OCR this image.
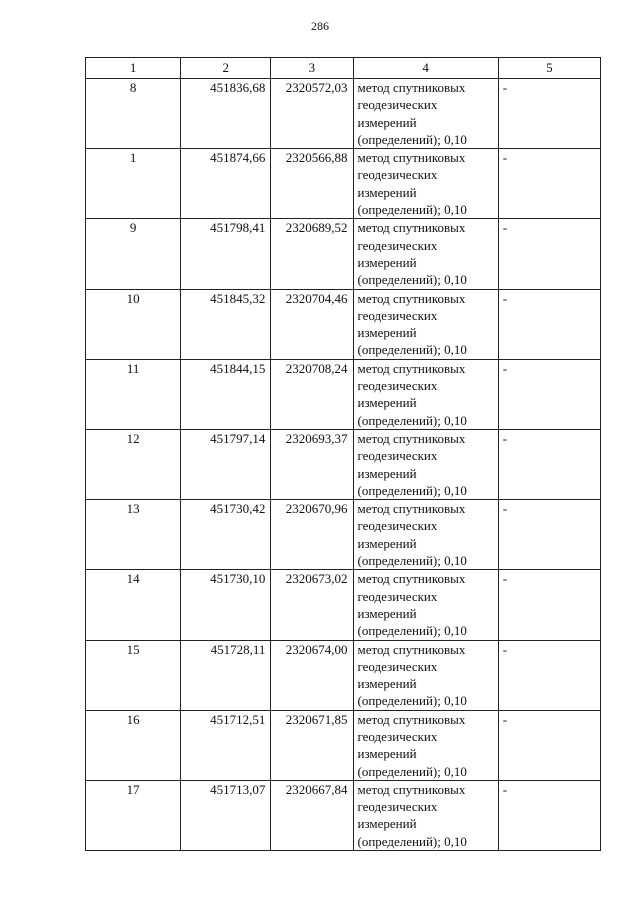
286
1	2	3	4	5
8	451836,68	2320572,03	метод спутниковых
геодезических
измерений
(определений); 0,10	-
1	451874,66	2320566,88	метод спутниковых
геодезических
измерений
(определений); 0,10	-
9	451798,41	2320689,52	метод спутниковых
геодезических
измерений
(определений); 0,10	-
10	451845,32	2320704,46	метод спутниковых
геодезических
измерений
(определений); 0,10	-
11	451844,15	2320708,24	метод спутниковых
геодезических
измерений
(определений); 0,10	-
12	451797,14	2320693,37	метод спутниковых
геодезических
измерений
(определений); 0,10	-
13	451730,42	2320670,96	метод спутниковых
геодезических
измерений
(определений); 0,10	-
14	451730,10	2320673,02	метод спутниковых
геодезических
измерений
(определений); 0,10	-
15	451728,11	2320674,00	метод спутниковых
геодезических
измерений
(определений); 0,10	-
16	451712,51	2320671,85	метод спутниковых
геодезических
измерений
(определений); 0,10	-
17	451713,07	2320667,84	метод спутниковых
геодезических
измерений
(определений); 0,10	-
